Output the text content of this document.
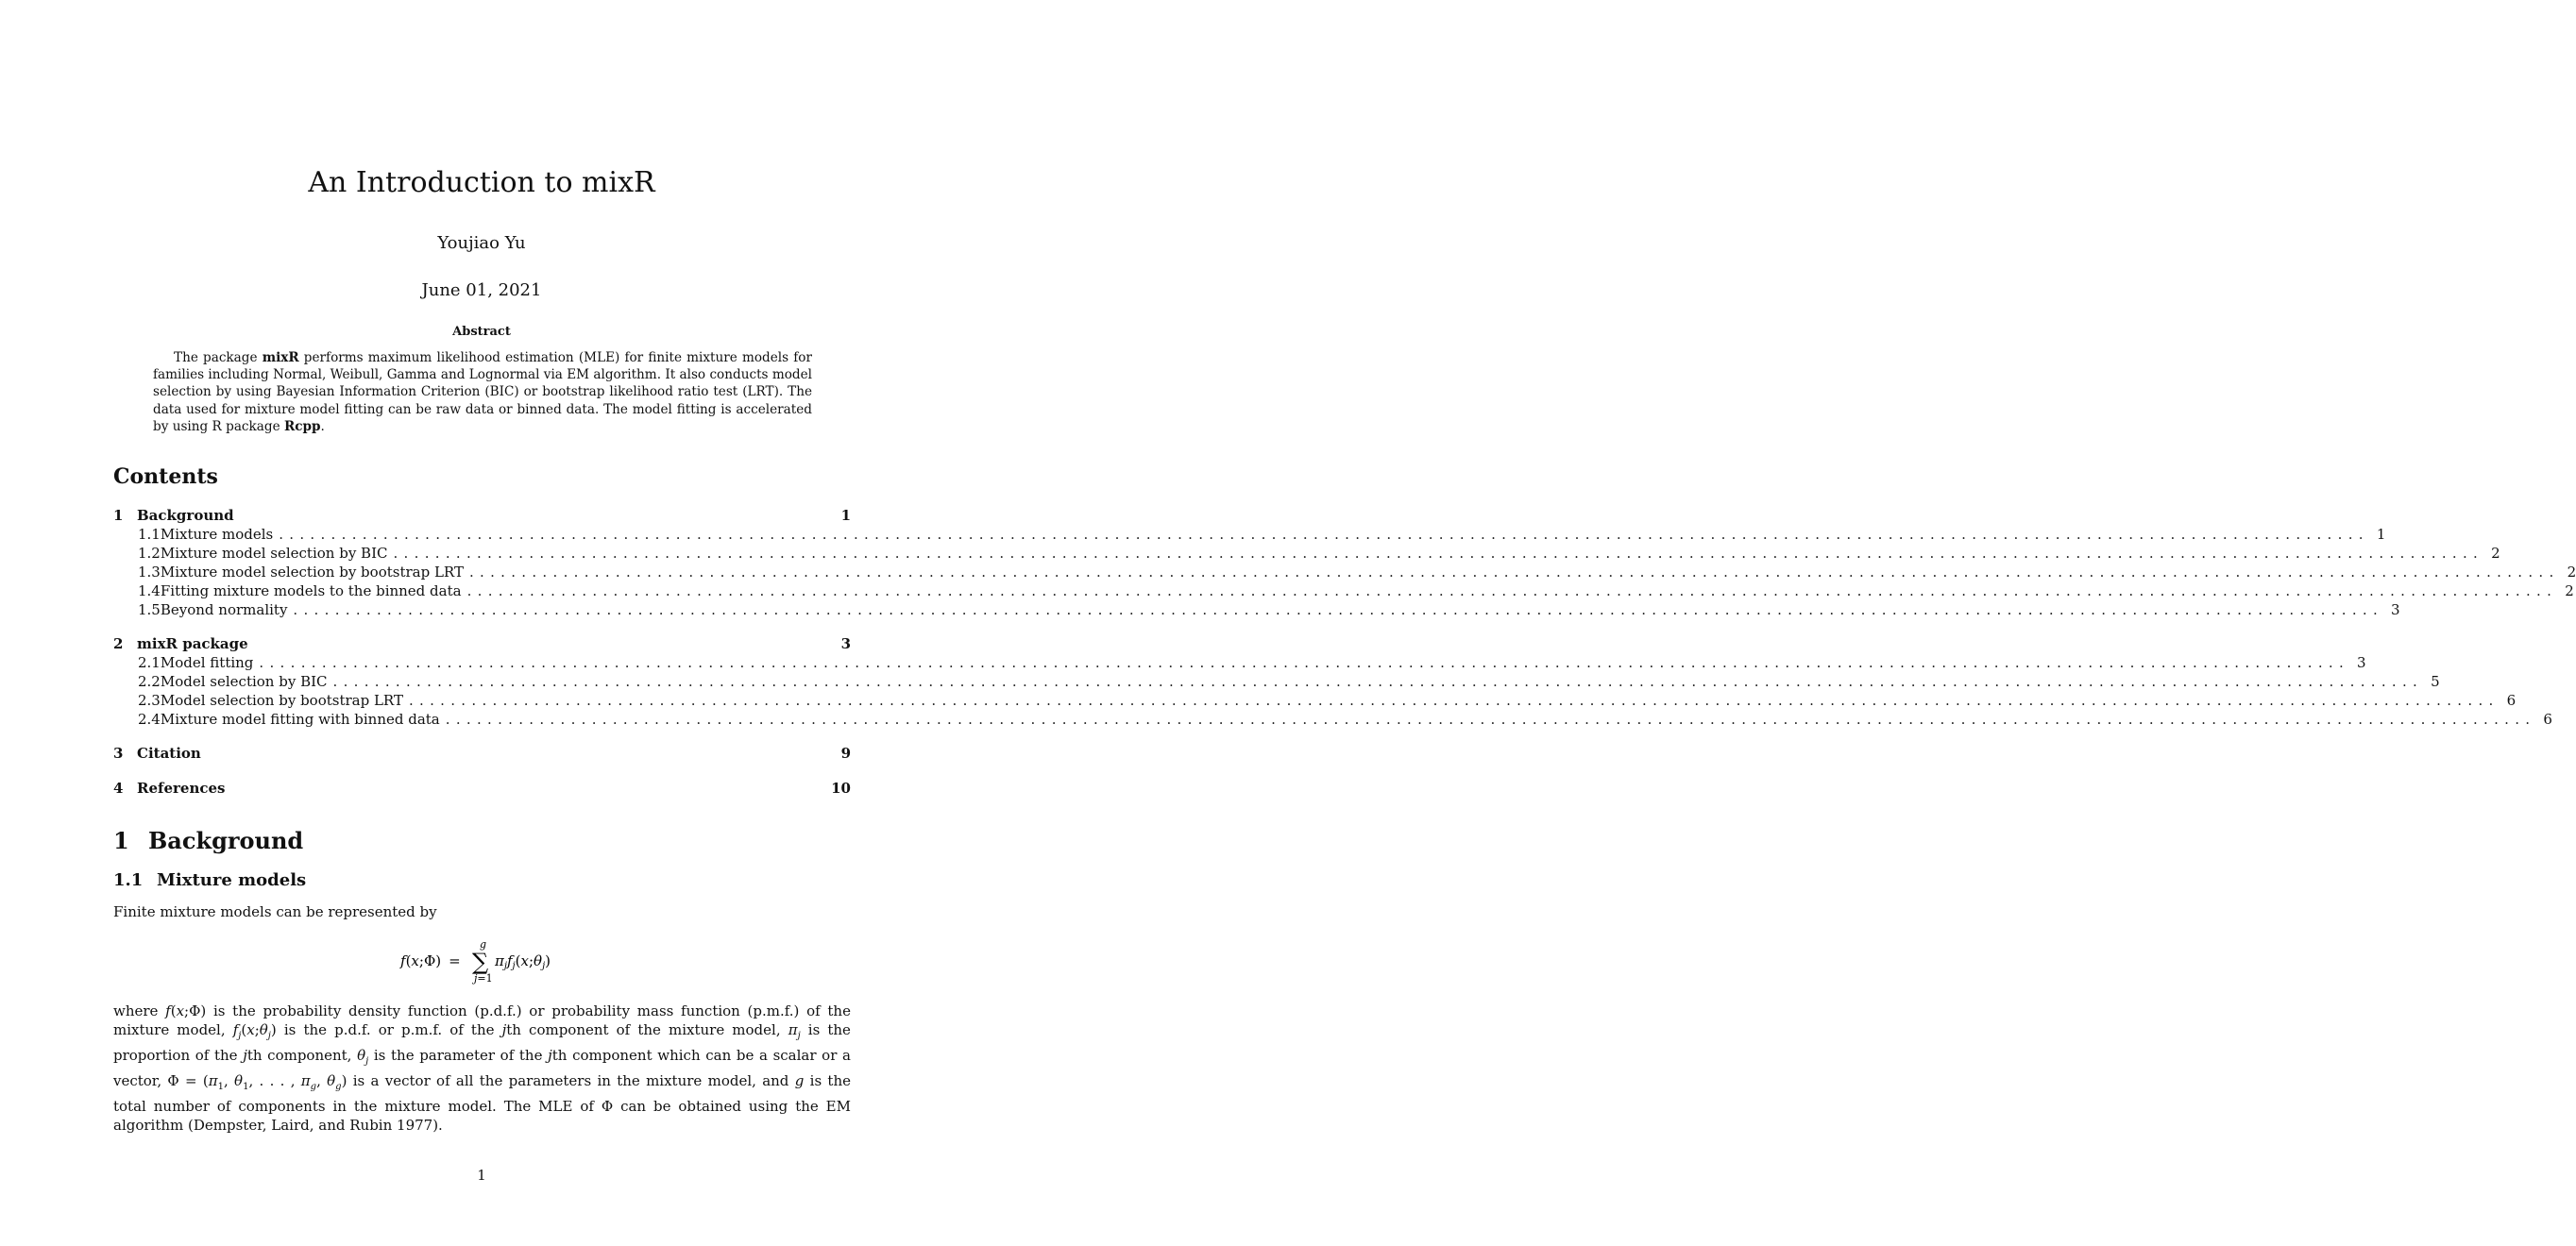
An Introduction to mixR
Youjiao Yu
June 01, 2021
Abstract
The package mixR performs maximum likelihood estimation (MLE) for finite mixture models for families including Normal, Weibull, Gamma and Lognormal via EM algorithm. It also conducts model selection by using Bayesian Information Criterion (BIC) or bootstrap likelihood ratio test (LRT). The data used for mixture model fitting can be raw data or binned data. The model fitting is accelerated by using R package Rcpp.
Contents
1 Background	1
1.1 Mixture models ........................................................................................................................................................................................................ 1
1.2 Mixture model selection by BIC ........................................................................................................................................................................................................ 2
1.3 Mixture model selection by bootstrap LRT ........................................................................................................................................................................................................ 2
1.4 Fitting mixture models to the binned data ........................................................................................................................................................................................................ 2
1.5 Beyond normality ........................................................................................................................................................................................................ 3
2 mixR package	3
2.1 Model fitting ........................................................................................................................................................................................................ 3
2.2 Model selection by BIC ........................................................................................................................................................................................................ 5
2.3 Model selection by bootstrap LRT ........................................................................................................................................................................................................ 6
2.4 Mixture model fitting with binned data ........................................................................................................................................................................................................ 6
3 Citation	9
4 References	10
1 Background
1.1 Mixture models
Finite mixture models can be represented by
f(x;Φ) =
g
∑
j=1
$\pi_jf_j(x;\theta_j)$
where f(x;Φ) is the probability density function (p.d.f.) or probability mass function (p.m.f.) of the mixture model, $f_j(x;\theta_j)$ is the p.d.f. or p.m.f. of the jth component of the mixture model, $\pi_j$ is the proportion of the jth component, $\theta_j$ is the parameter of the jth component which can be a scalar or a vector, $\Phi = (\pi_1$, $\theta_1$, . . . , $\pi_g$, $\theta_g$) is a vector of all the parameters in the mixture model, and g is the total number of components in the mixture model. The MLE of Φ can be obtained using the EM algorithm (Dempster, Laird, and Rubin 1977).
1
